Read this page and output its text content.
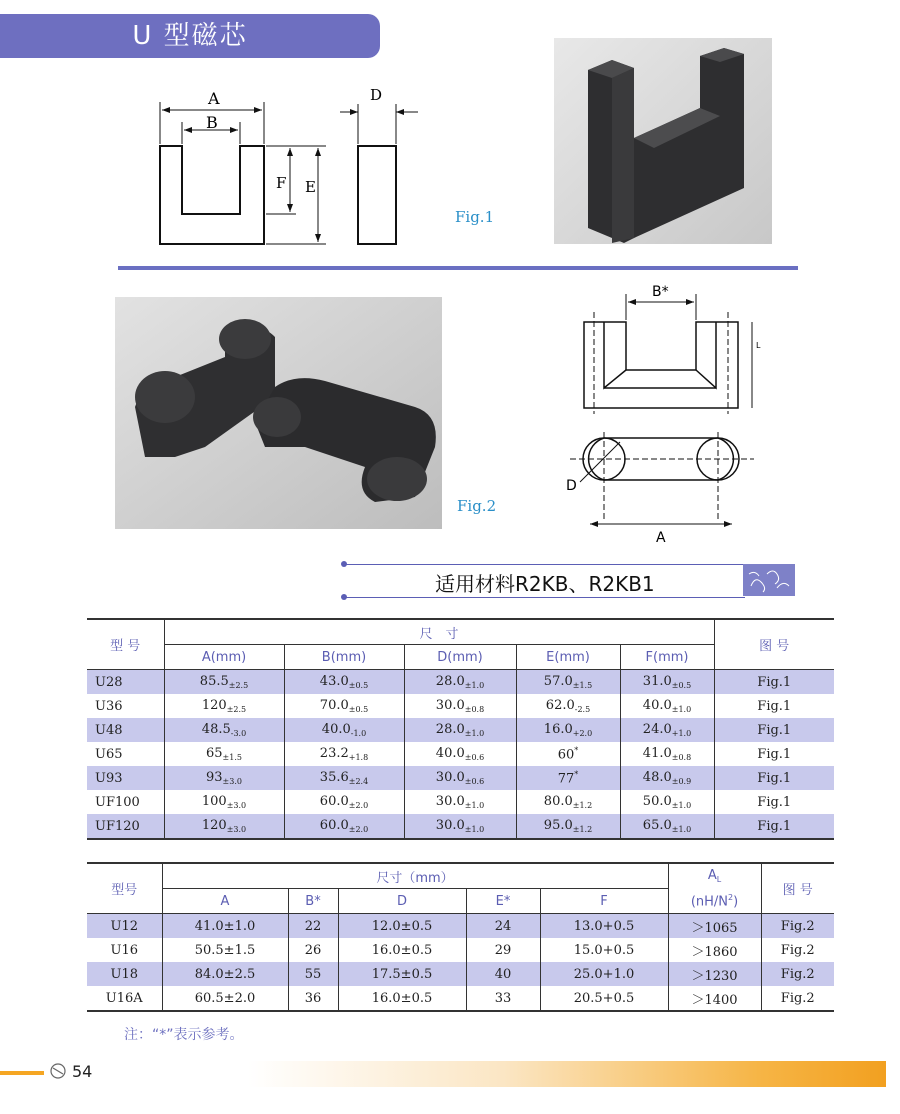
U 型磁芯
A
B
D
F E
Fig.1
Fig.2
B*
L
D
A
适用材料R2KB、R2KB1
型 号	尺　寸					图 号
	A(mm)	B(mm)	D(mm)	E(mm)	F(mm)	
U28	$85.5_{\pm 2.5}$	$43.0_{\pm 0.5}$	$28.0_{\pm 1.0}$	$57.0_{\pm 1.5}$	$31.0_{\pm 0.5}$	Fig.1
U36	$120_{\pm 2.5}$	$70.0_{\pm 0.5}$	$30.0_{\pm 0.8}$	$62.0_{-2.5}$	$40.0_{\pm 1.0}$	Fig.1
U48	$48.5_{-3.0}$	$40.0_{-1.0}$	$28.0_{\pm 1.0}$	$16.0_{+2.0}$	$24.0_{+1.0}$	Fig.1
U65	$65_{\pm 1.5}$	$23.2_{+1.8}$	$40.0_{\pm 0.6}$	60*	$41.0_{\pm 0.8}$	Fig.1
U93	$93_{\pm 3.0}$	$35.6_{\pm 2.4}$	$30.0_{\pm 0.6}$	77*	$48.0_{\pm 0.9}$	Fig.1
UF100	$100_{\pm 3.0}$	$60.0_{\pm 2.0}$	$30.0_{\pm 1.0}$	$80.0_{\pm 1.2}$	$50.0_{\pm 1.0}$	Fig.1
UF120	$120_{\pm 3.0}$	$60.0_{\pm 2.0}$	$30.0_{\pm 1.0}$	$95.0_{\pm 1.2}$	$65.0_{\pm 1.0}$	Fig.1
型号	尺寸（mm）					$A_L$	图 号
	A	B*	D	E*	F	$(nH/N^2)$	
U12	41.0±1.0	22	12.0±0.5	24	13.0+0.5	＞1065	Fig.2
U16	50.5±1.5	26	16.0±0.5	29	15.0+0.5	＞1860	Fig.2
U18	84.0±2.5	55	17.5±0.5	40	25.0+1.0	＞1230	Fig.2
U16A	60.5±2.0	36	16.0±0.5	33	20.5+0.5	＞1400	Fig.2
注：“*”表示参考。
54
